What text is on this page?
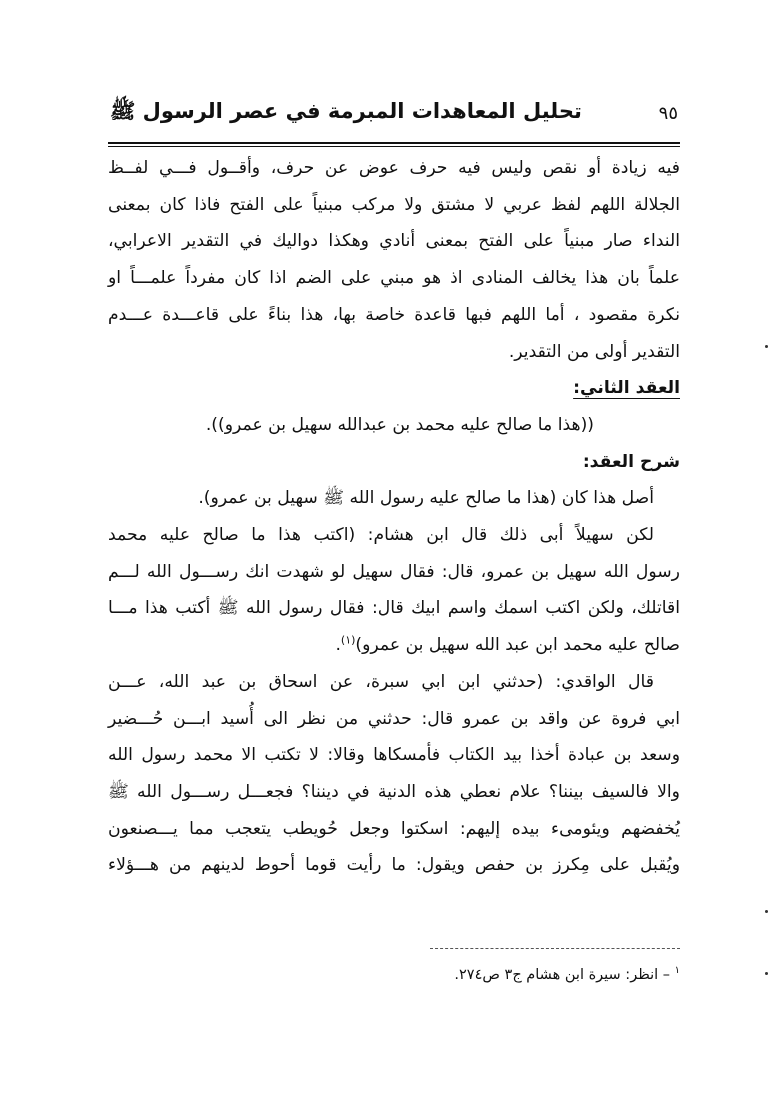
تحليل المعاهدات المبرمة في عصر الرسول ﷺ	٩٥

فيه زيادة أو نقص وليس فيه حرف عوض عن حرف، وأقــول فـــي لفــظ

الجلالة اللهم لفظ عربي لا مشتق ولا مركب مبنياً على الفتح فاذا كان بمعنى

النداء صار مبنياً على الفتح بمعنى أنادي وهكذا دواليك في التقدير الاعرابي،

علماً بان هذا يخالف المنادى اذ هو مبني على الضم اذا كان مفرداً علمـــاً او

نكرة مقصود ، أما اللهم فبها قاعدة خاصة بها، هذا بناءً على قاعـــدة عـــدم

التقدير أولى من التقدير.

العقد الثاني:

((هذا ما صالح عليه محمد بن عبدالله سهيل بن عمرو)).

شرح العقد:

أصل هذا كان (هذا ما صالح عليه رسول الله ﷺ سهيل بن عمرو).

لكن سهيلاً أبى ذلك قال ابن هشام: (اكتب هذا ما صالح عليه محمد

رسول الله سهيل بن عمرو، قال: فقال سهيل لو شهدت انك رســـول الله لـــم

اقاتلك، ولكن اكتب اسمك واسم ابيك قال: فقال رسول الله ﷺ أكتب هذا مـــا

صالح عليه محمد ابن عبد الله سهيل بن عمرو)$^{(١)}$.

قال الواقدي: (حدثني ابن ابي سبرة، عن اسحاق بن عبد الله، عـــن

ابي فروة عن واقد بن عمرو قال: حدثني من نظر الى أُسيد ابـــن حُـــضير

وسعد بن عبادة أخذا بيد الكتاب فأمسكاها وقالا: لا تكتب الا محمد رسول الله

والا فالسيف بيننا؟ علام نعطي هذه الدنية في ديننا؟ فجعـــل رســـول الله ﷺ

يُخفضهم ويئومىء بيده إليهم: اسكتوا وجعل حُويطب يتعجب مما يـــصنعون

ويُقبل على مِكرز بن حفص ويقول: ما رأيت قوما أحوط لدينهم من هـــؤلاء

$^١$ – انظر: سيرة ابن هشام ج٣ ص٢٧٤.
